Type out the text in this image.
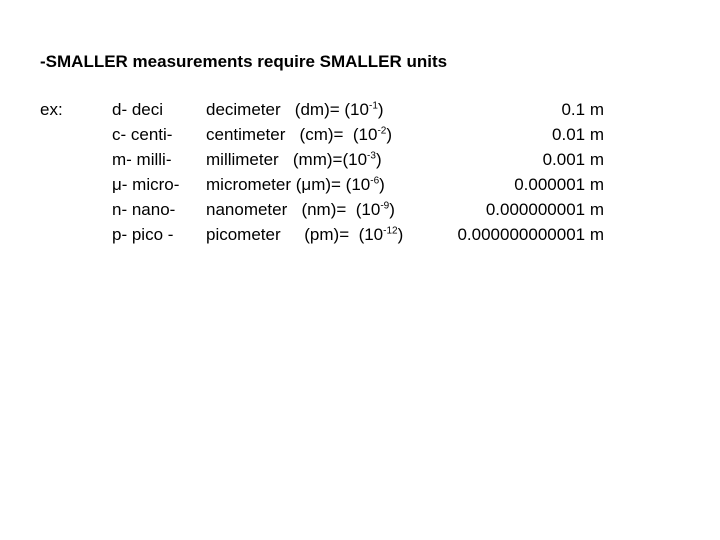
-SMALLER measurements require SMALLER units
ex:	d- deci
c- centi-
m- milli-
μ- micro-
n- nano-
p- pico -
decimeter   $(dm)= (10^{-1})$
centimeter   $(cm)= (10^{-2})$
millimeter   $(mm)=(10^{-3})$
micrometer $(\mu m)= (10^{-6})$
nanometer   $(nm)= (10^{-9})$
picometer     $(pm)= (10^{-12})$
0.1 m
0.01 m
0.001 m
0.000001 m
0.000000001 m
0.000000000001 m
